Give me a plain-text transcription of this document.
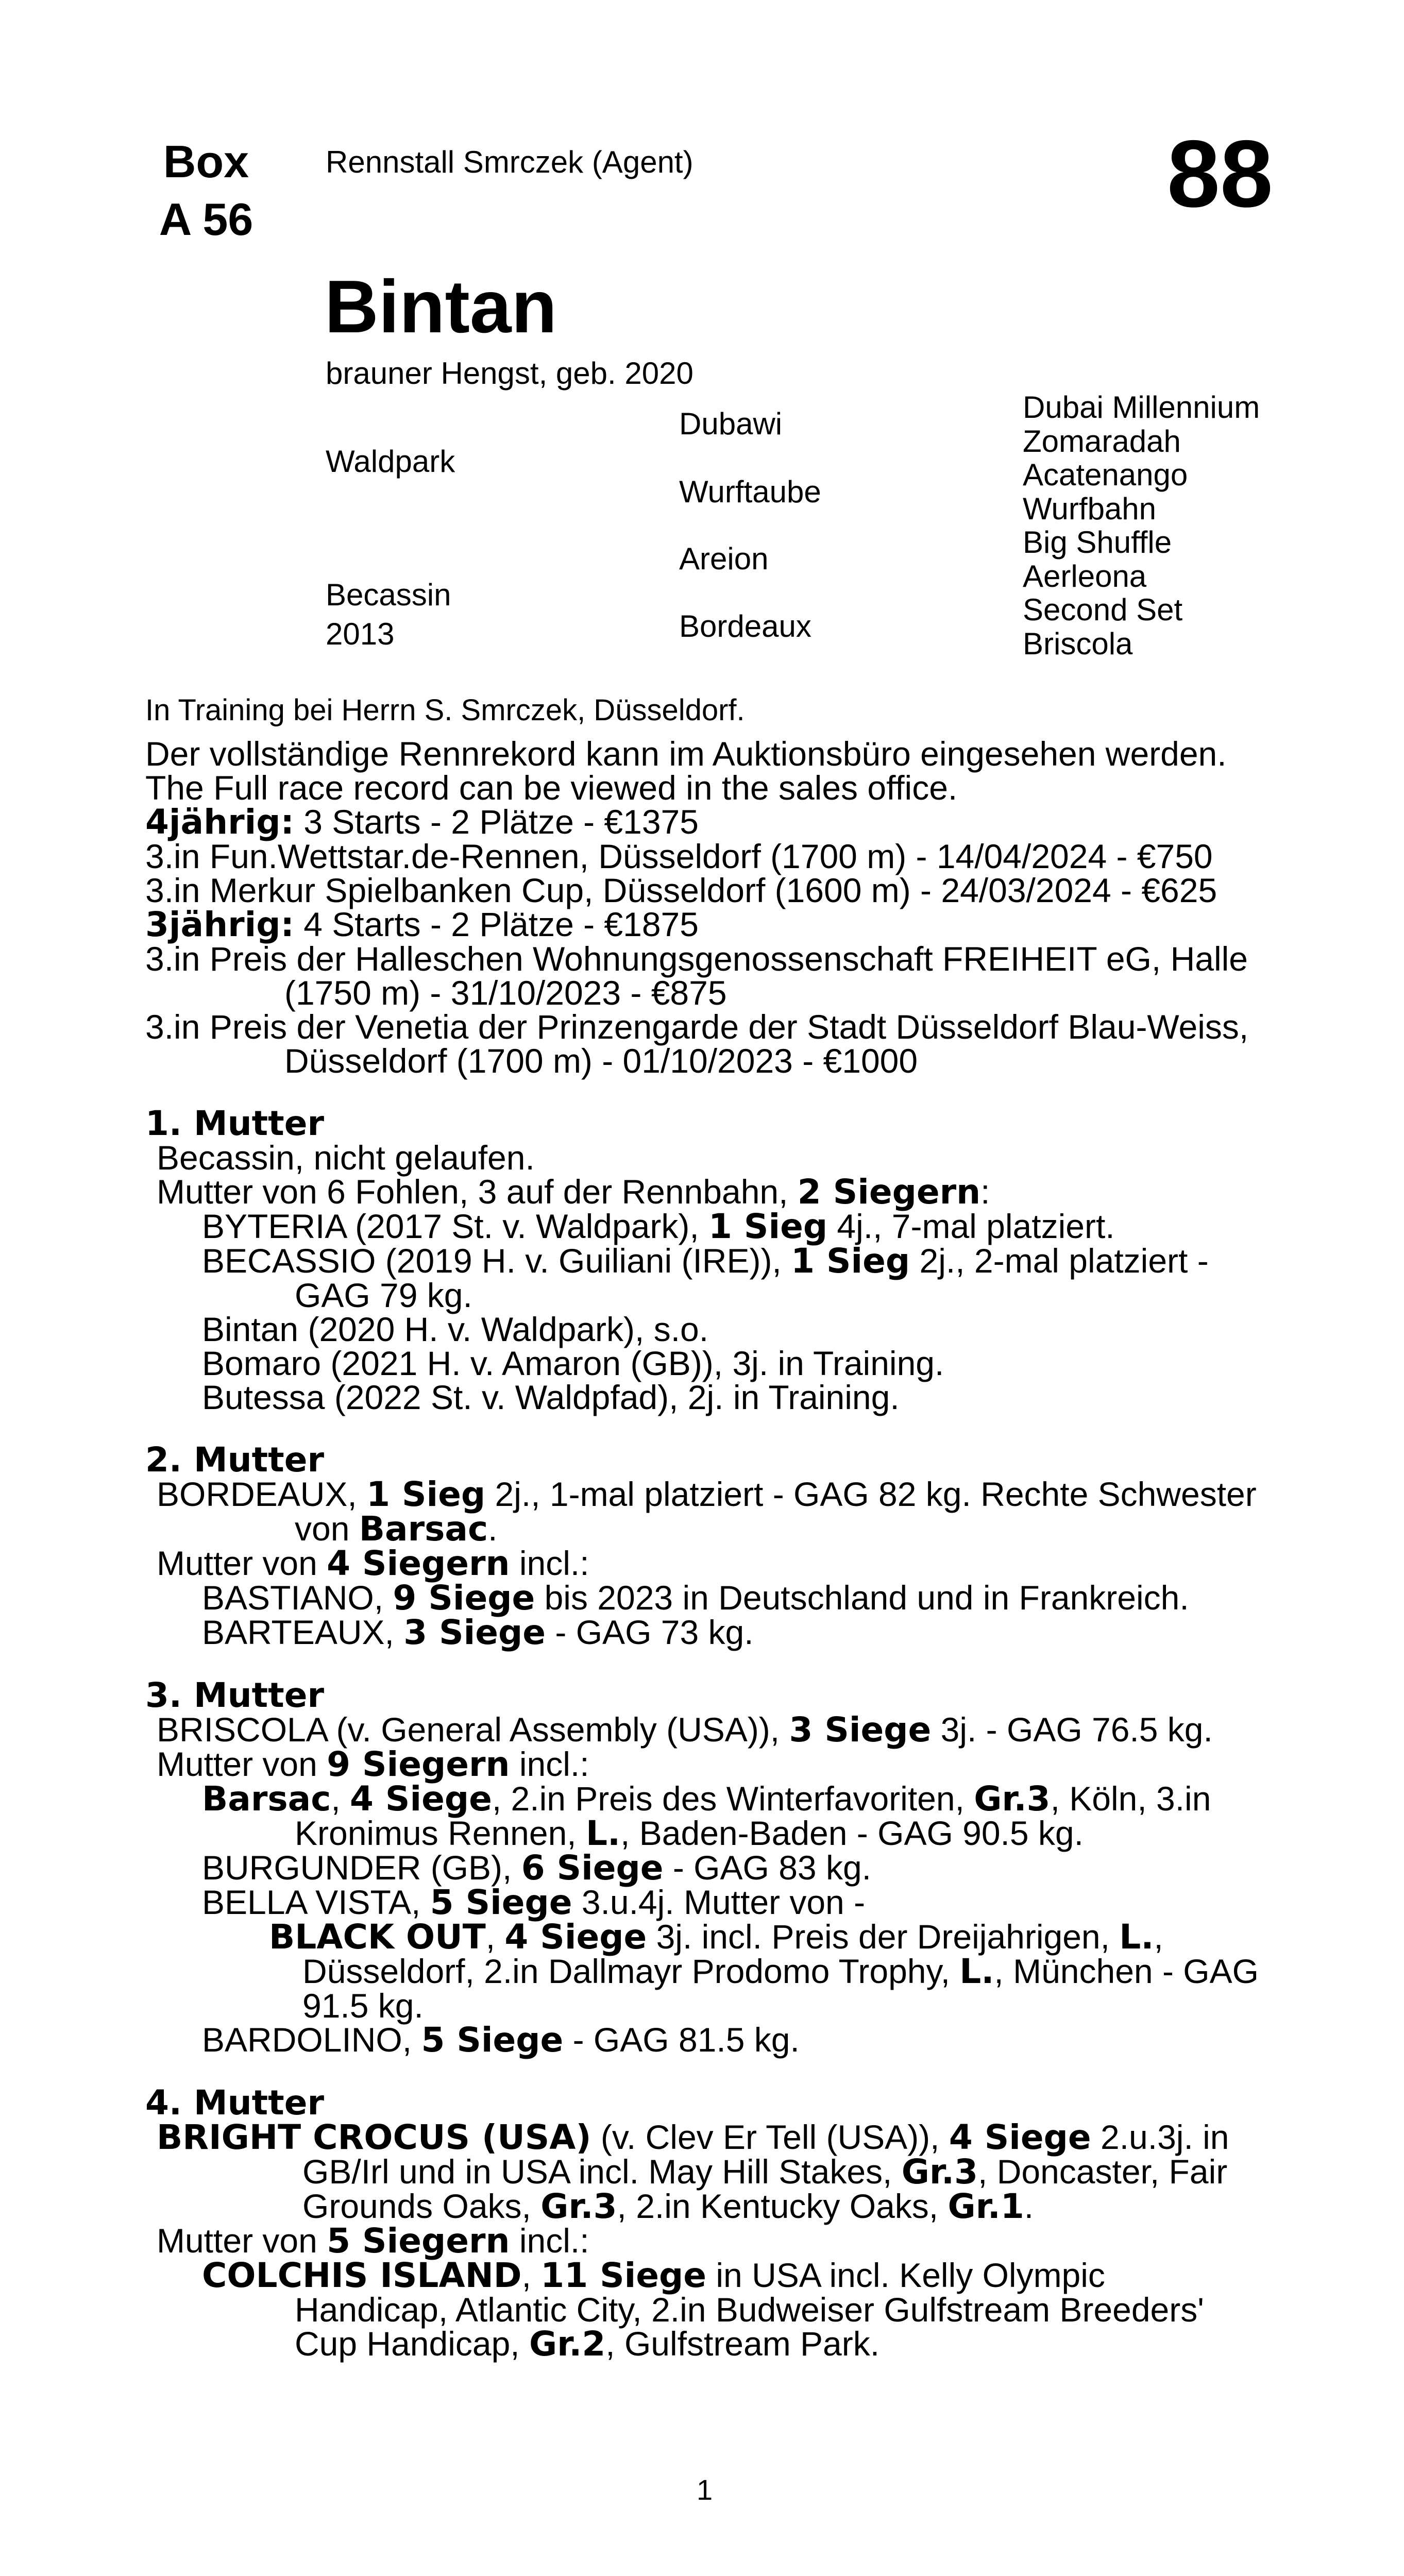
Box
A 56
Rennstall Smrczek (Agent)	88
Bintan
brauner Hengst, geb. 2020
Waldpark
Becassin
2013
Dubawi
Wurftaube
Areion
Bordeaux
Dubai Millennium
Zomaradah
Acatenango
Wurfbahn
Big Shuffle
Aerleona
Second Set
Briscola
In Training bei Herrn S. Smrczek, Düsseldorf.
Der vollständige Rennrekord kann im Auktionsbüro eingesehen werden.
The Full race record can be viewed in the sales office.
4jährig: 3 Starts - 2 Plätze - €1375
3.in Fun.Wettstar.de-Rennen, Düsseldorf (1700 m) - 14/04/2024 - €750
3.in Merkur Spielbanken Cup, Düsseldorf (1600 m) - 24/03/2024 - €625
3jährig: 4 Starts - 2 Plätze - €1875
3.in Preis der Halleschen Wohnungsgenossenschaft FREIHEIT eG, Halle
(1750 m) - 31/10/2023 - €875
3.in Preis der Venetia der Prinzengarde der Stadt Düsseldorf Blau-Weiss,
Düsseldorf (1700 m) - 01/10/2023 - €1000
1. Mutter
Becassin, nicht gelaufen.
Mutter von 6 Fohlen, 3 auf der Rennbahn, 2 Siegern:
BYTERIA (2017 St. v. Waldpark), 1 Sieg 4j., 7-mal platziert.
BECASSIO (2019 H. v. Guiliani (IRE)), 1 Sieg 2j., 2-mal platziert -
GAG 79 kg.
Bintan (2020 H. v. Waldpark), s.o.
Bomaro (2021 H. v. Amaron (GB)), 3j. in Training.
Butessa (2022 St. v. Waldpfad), 2j. in Training.
2. Mutter
BORDEAUX, 1 Sieg 2j., 1-mal platziert - GAG 82 kg. Rechte Schwester
von Barsac.
Mutter von 4 Siegern incl.:
BASTIANO, 9 Siege bis 2023 in Deutschland und in Frankreich.
BARTEAUX, 3 Siege - GAG 73 kg.
3. Mutter
BRISCOLA (v. General Assembly (USA)), 3 Siege 3j. - GAG 76.5 kg.
Mutter von 9 Siegern incl.:
Barsac, 4 Siege, 2.in Preis des Winterfavoriten, Gr.3, Köln, 3.in
Kronimus Rennen, L., Baden-Baden - GAG 90.5 kg.
BURGUNDER (GB), 6 Siege - GAG 83 kg.
BELLA VISTA, 5 Siege 3.u.4j. Mutter von -
BLACK OUT, 4 Siege 3j. incl. Preis der Dreijahrigen, L.,
Düsseldorf, 2.in Dallmayr Prodomo Trophy, L., München - GAG
91.5 kg.
BARDOLINO, 5 Siege - GAG 81.5 kg.
4. Mutter
BRIGHT CROCUS (USA) (v. Clev Er Tell (USA)), 4 Siege 2.u.3j. in
GB/Irl und in USA incl. May Hill Stakes, Gr.3, Doncaster, Fair
Grounds Oaks, Gr.3, 2.in Kentucky Oaks, Gr.1.
Mutter von 5 Siegern incl.:
COLCHIS ISLAND, 11 Siege in USA incl. Kelly Olympic
Handicap, Atlantic City, 2.in Budweiser Gulfstream Breeders'
Cup Handicap, Gr.2, Gulfstream Park.
1
